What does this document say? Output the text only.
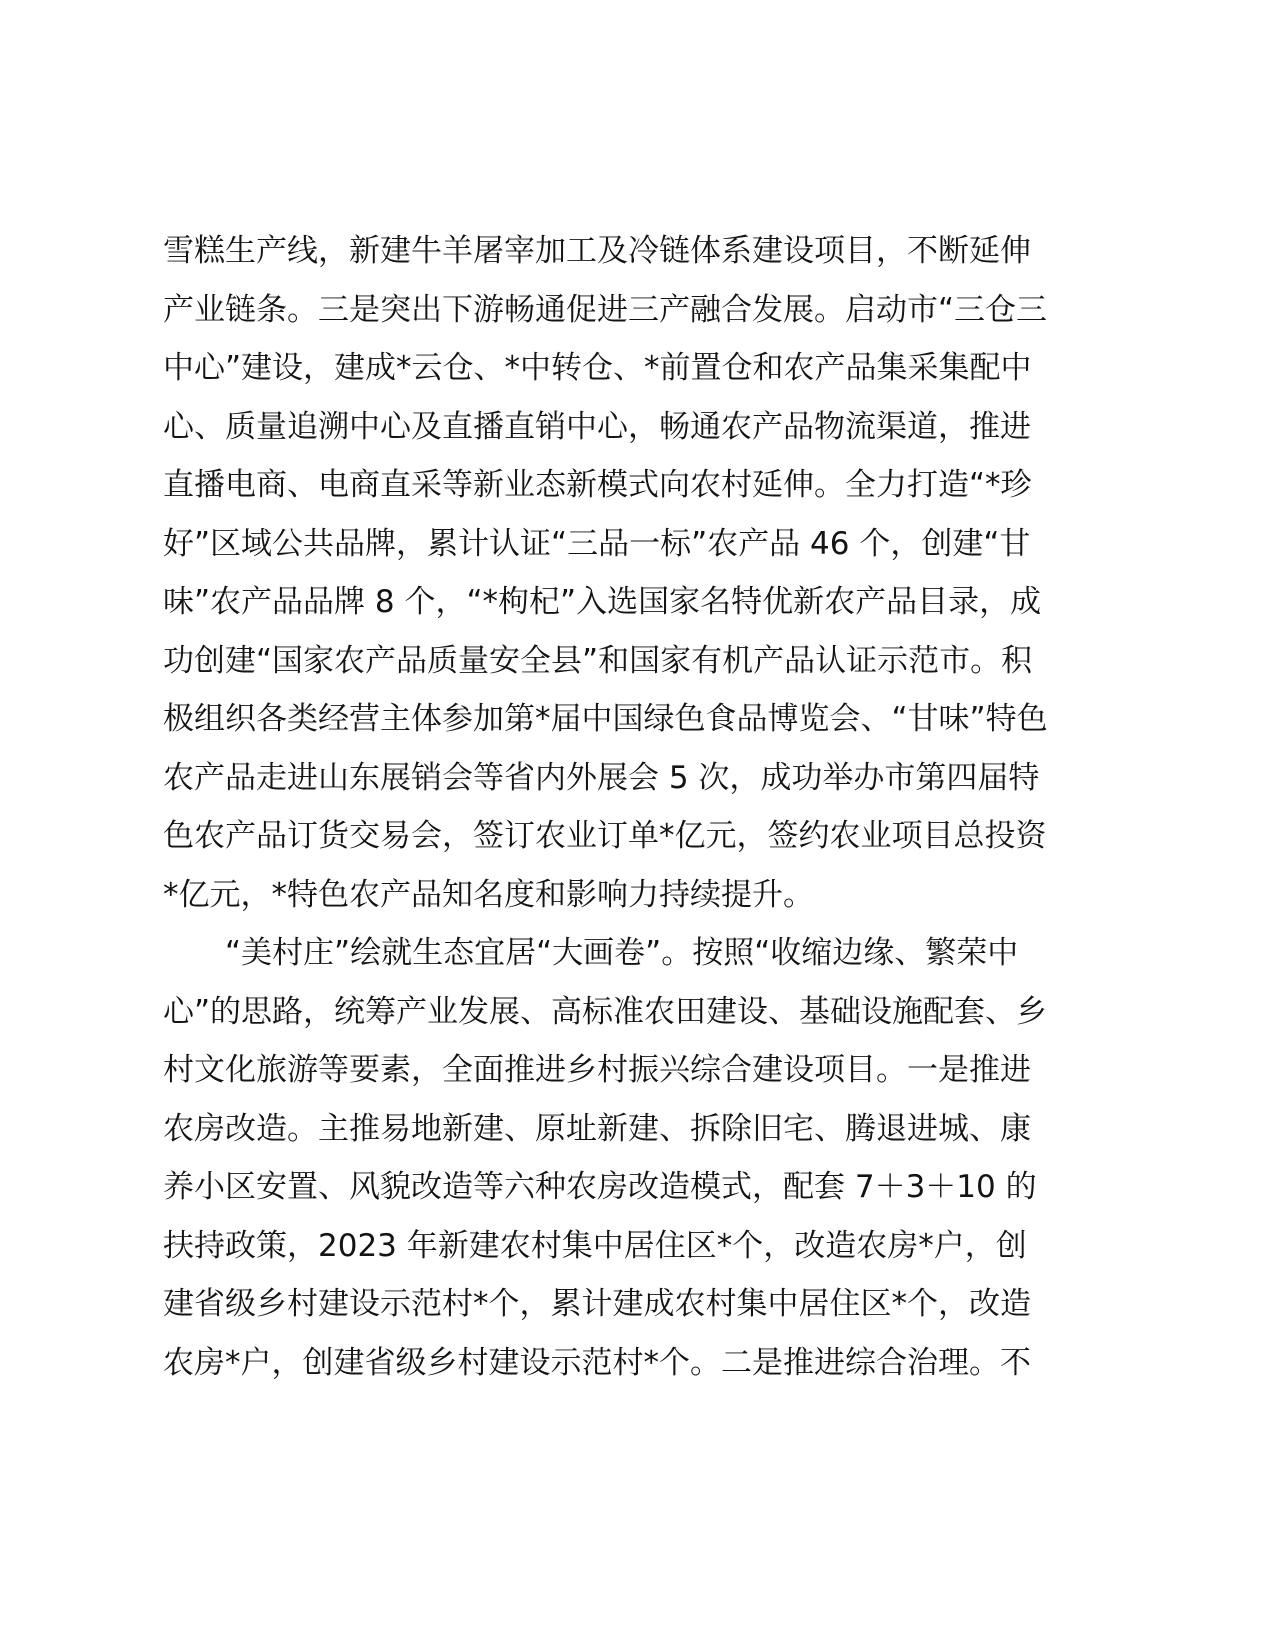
雪糕生产线，新建牛羊屠宰加工及冷链体系建设项目，不断延伸
产业链条。三是突出下游畅通促进三产融合发展。启动市“三仓三
中心”建设，建成*云仓、*中转仓、*前置仓和农产品集采集配中
心、质量追溯中心及直播直销中心，畅通农产品物流渠道，推进
直播电商、电商直采等新业态新模式向农村延伸。全力打造“*珍
好”区域公共品牌，累计认证“三品一标”农产品 46 个，创建“甘
味”农产品品牌 8 个，“*枸杞”入选国家名特优新农产品目录，成
功创建“国家农产品质量安全县”和国家有机产品认证示范市。积
极组织各类经营主体参加第*届中国绿色食品博览会、“甘味”特色
农产品走进山东展销会等省内外展会 5 次，成功举办市第四届特
色农产品订货交易会，签订农业订单*亿元，签约农业项目总投资
*亿元，*特色农产品知名度和影响力持续提升。
“美村庄”绘就生态宜居“大画卷”。按照“收缩边缘、繁荣中
心”的思路，统筹产业发展、高标准农田建设、基础设施配套、乡
村文化旅游等要素，全面推进乡村振兴综合建设项目。一是推进
农房改造。主推易地新建、原址新建、拆除旧宅、腾退进城、康
养小区安置、风貌改造等六种农房改造模式，配套 7＋3＋10 的
扶持政策，2023 年新建农村集中居住区*个，改造农房*户，创
建省级乡村建设示范村*个，累计建成农村集中居住区*个，改造
农房*户，创建省级乡村建设示范村*个。二是推进综合治理。不
